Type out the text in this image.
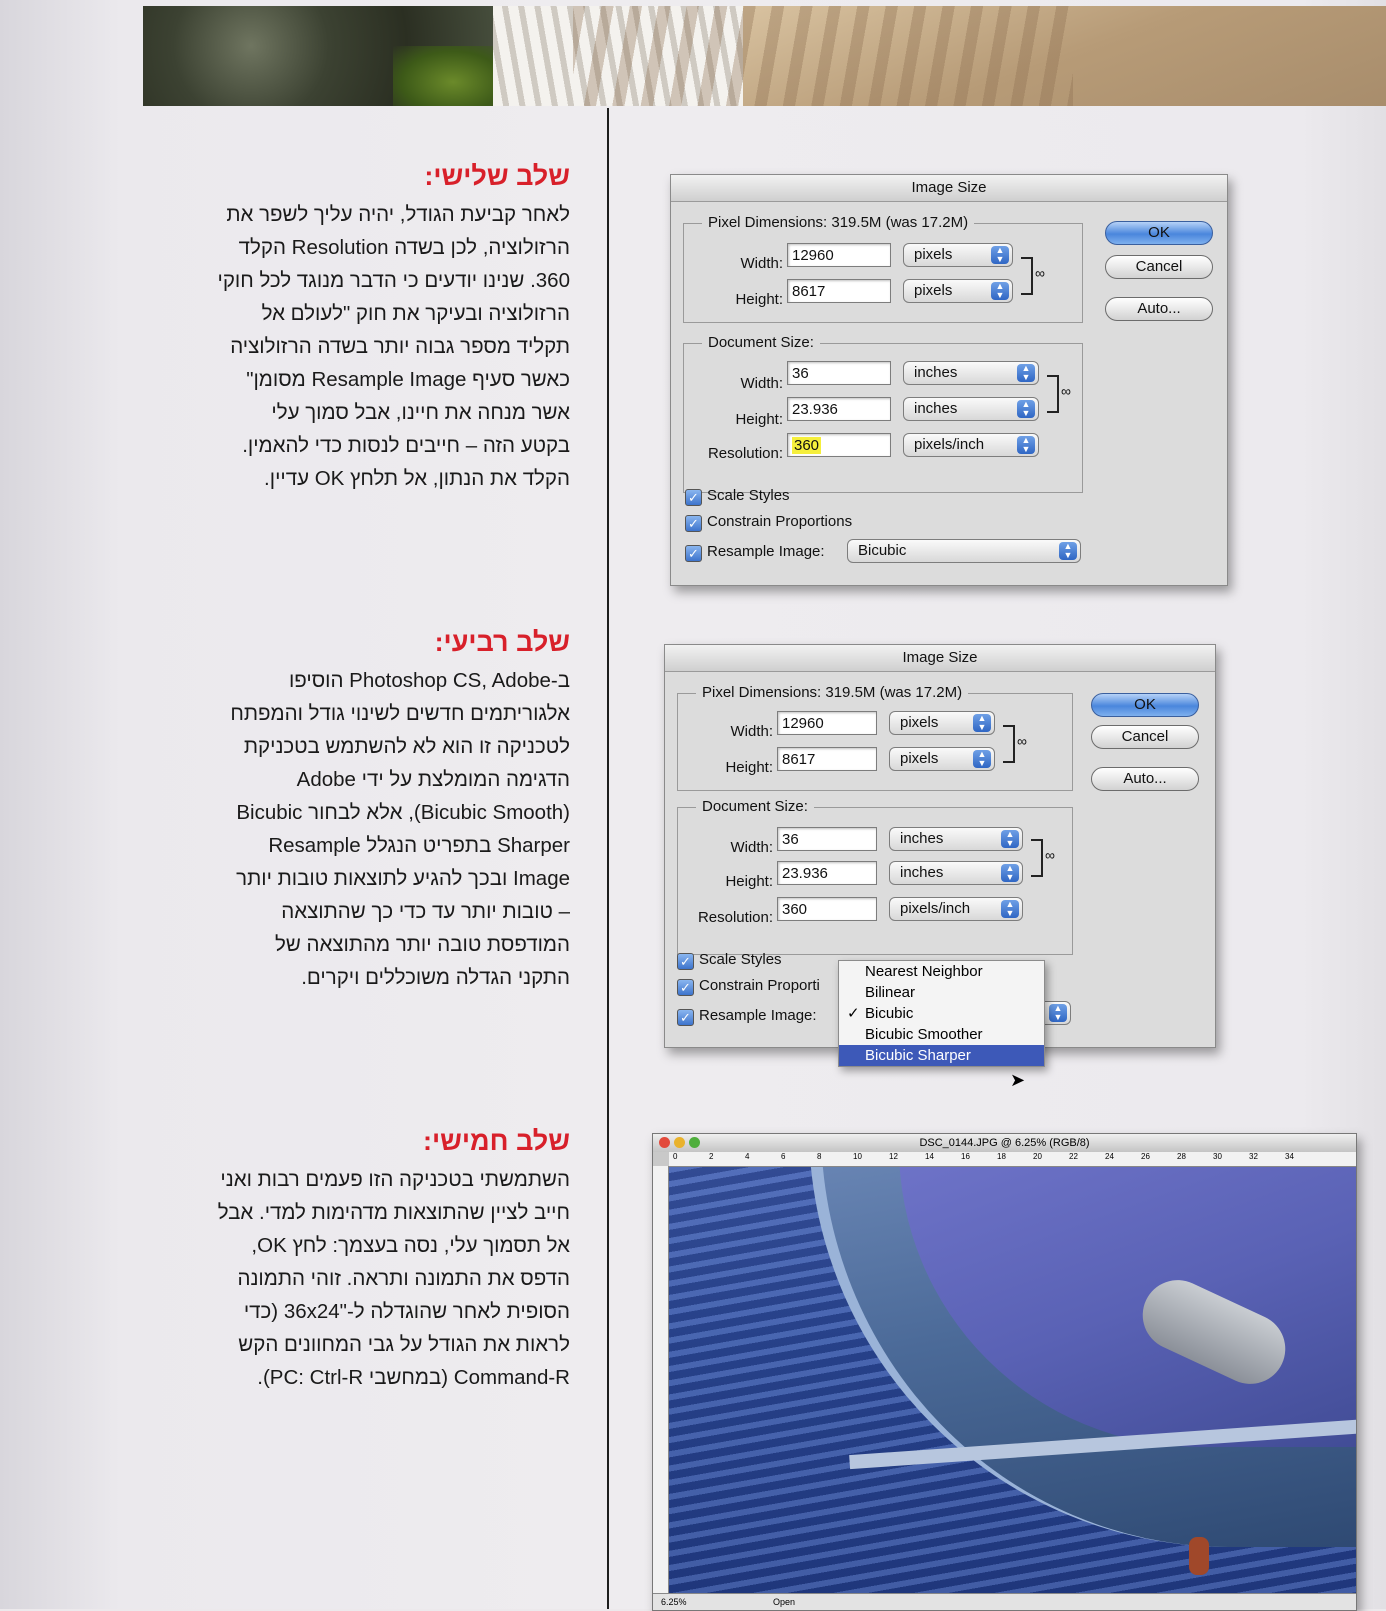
שלב שלישי:

לאחר קביעת הגודל, יהיה עליך לשפר את
הרזולוציה, לכן בשדה Resolution הקלד
360. שנינו יודעים כי הדבר מנוגד לכל חוקי
הרזולוציה ובעיקר את חוק "לעולם אל
תקליד מספר גבוה יותר בשדה הרזולוציה
כאשר סעיף Resample Image מסומן"
אשר מנחה את חיינו, אבל סמוך עלי
בקטע הזה – חייבים לנסות כדי להאמין.
הקלד את הנתון, אל תלחץ OK עדיין.

שלב רביעי:

ב-Photoshop CS, Adobe הוסיפו
אלגוריתמים חדשים לשינוי גודל והמפתח
לטכניקה זו הוא לא להשתמש בטכניקת
הדגימה המומלצת על ידי Adobe
(Bicubic Smooth), אלא לבחור Bicubic
Sharper בתפריט הנגלל Resample
Image ובכך להגיע לתוצאות טובות יותר
– טובות יותר עד כדי כך שהתוצאה
המודפסת טובה יותר מהתוצאה של
התקני הגדלה משוכללים ויקרים.

שלב חמישי:

השתמשתי בטכניקה הזו פעמים רבות ואני
חייב לציין שהתוצאות מדהימות למדי. אבל
אל תסמוך עלי, נסה בעצמך: לחץ OK,
הדפס את התמונה ותראה. זוהי התמונה
הסופית לאחר שהוגדלה ל-"36x24 (כדי
לראות את הגודל על גבי המחוונים הקש
Command-R (במחשבי PC: Ctrl-R).

Image Size
Pixel Dimensions: 319.5M (was 17.2M)
Width: 12960	pixels	▲
▼
Height: 8617	pixels	▲
▼
∞
Document Size:
Width:
36	inches	▲
▼
Height:
23.936	inches	▲
▼
∞
Resolution: 360	pixels/inch	▲
▼
✓ Scale Styles
✓ Constrain Proportions
✓ Resample Image:	Bicubic	▲
▼
OK
Cancel
Auto...
Image Size
Pixel Dimensions: 319.5M (was 17.2M)
Width: 12960	pixels	▲
▼
Height: 8617	pixels	▲
▼
∞
Document Size:
Width: 36	inches	▲
▼
Height: 23.936	inches	▲
▼
∞
Resolution: 360	pixels/inch	▲
▼
✓ Scale Styles
✓ Constrain Proporti
✓ Resample Image:	▲
▼
OK
Cancel
Auto...
Nearest Neighbor
Bilinear
✓ Bicubic
Bicubic Smoother
Bicubic Sharper
➤
DSC_0144.JPG @ 6.25% (RGB/8)
0	2	4	6	8	10	12	14	16	18	20	22	24	26	28	30	32	34
6.25%	Open
